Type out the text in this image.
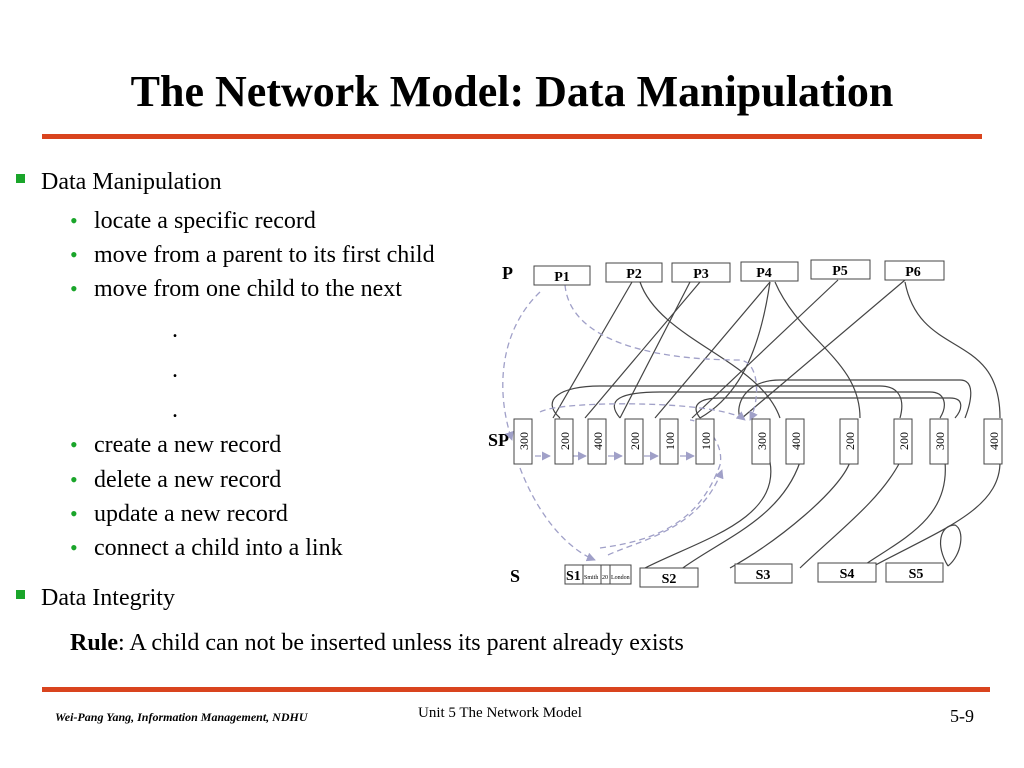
The Network Model: Data Manipulation
Data Manipulation
• locate a specific record
• move from a parent to its first child
• move from one child to the next
.
.
.
• create a new record
• delete a new record
• update a new record
• connect a child into a link
Data Integrity
Rule: A child can not be inserted unless its parent already exists
P
SP
S
P1	P2	P3	P4	P5	P6
300 200 400 200 100 100	300 400	200	200 300	400
S1 Smith 20 London S2	S3	S4	S5
Wei-Pang Yang, Information Management, NDHU	Unit 5 The Network Model	5-9
